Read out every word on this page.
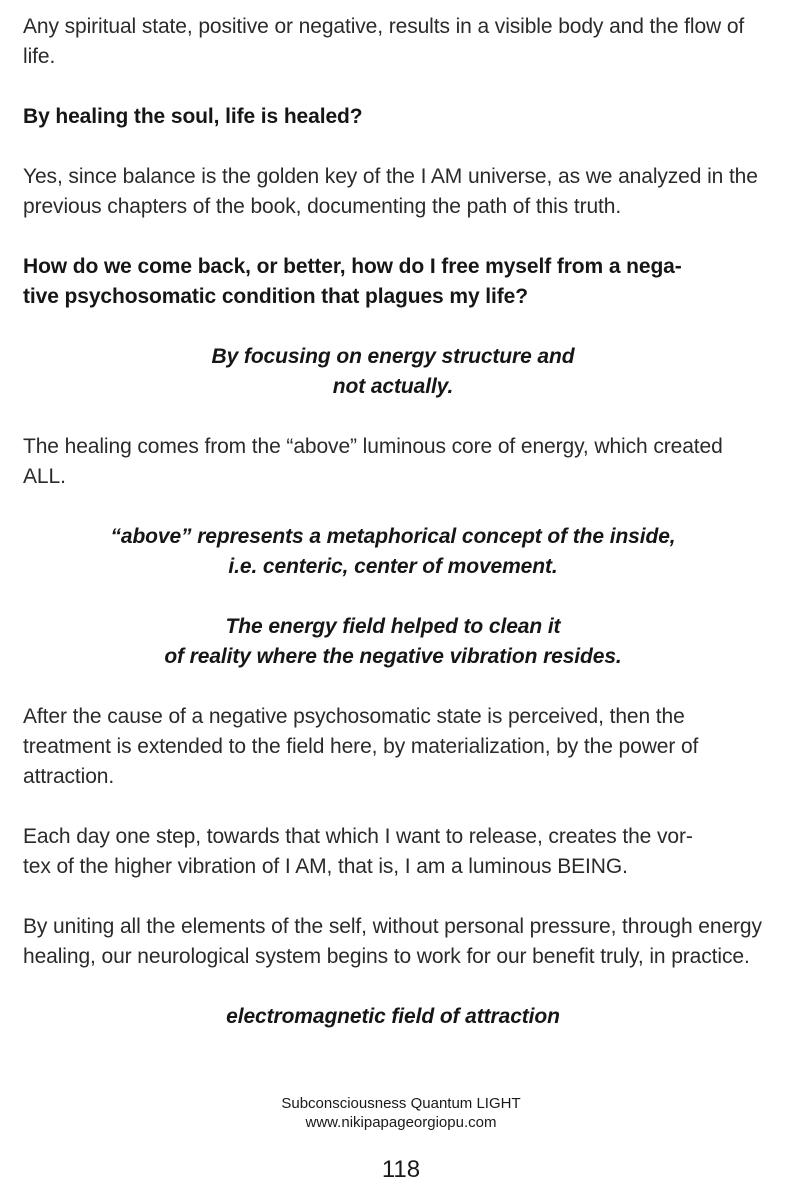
Any spiritual state, positive or negative, results in a visible body and the flow of life.

By healing the soul, life is healed?

Yes, since balance is the golden key of the I AM universe, as we analyzed in the previous chapters of the book, documenting the path of this truth.

How do we come back, or better, how do I free myself from a nega-
tive psychosomatic condition that plagues my life?

By focusing on energy structure and
not actually.

The healing comes from the “above” luminous core of energy, which created ALL.

“above” represents a metaphorical concept of the inside,
i.e. centeric, center of movement.

The energy field helped to clean it
of reality where the negative vibration resides.

After the cause of a negative psychosomatic state is perceived, then the treatment is extended to the field here, by materialization, by the power of attraction.

Each day one step, towards that which I want to release, creates the vor-
tex of the higher vibration of I AM, that is, I am a luminous BEING.

By uniting all the elements of the self, without personal pressure, through energy healing, our neurological system begins to work for our benefit truly, in practice.

electromagnetic field of attraction

Subconsciousness Quantum LIGHT
www.nikipapageorgiopu.com
118
